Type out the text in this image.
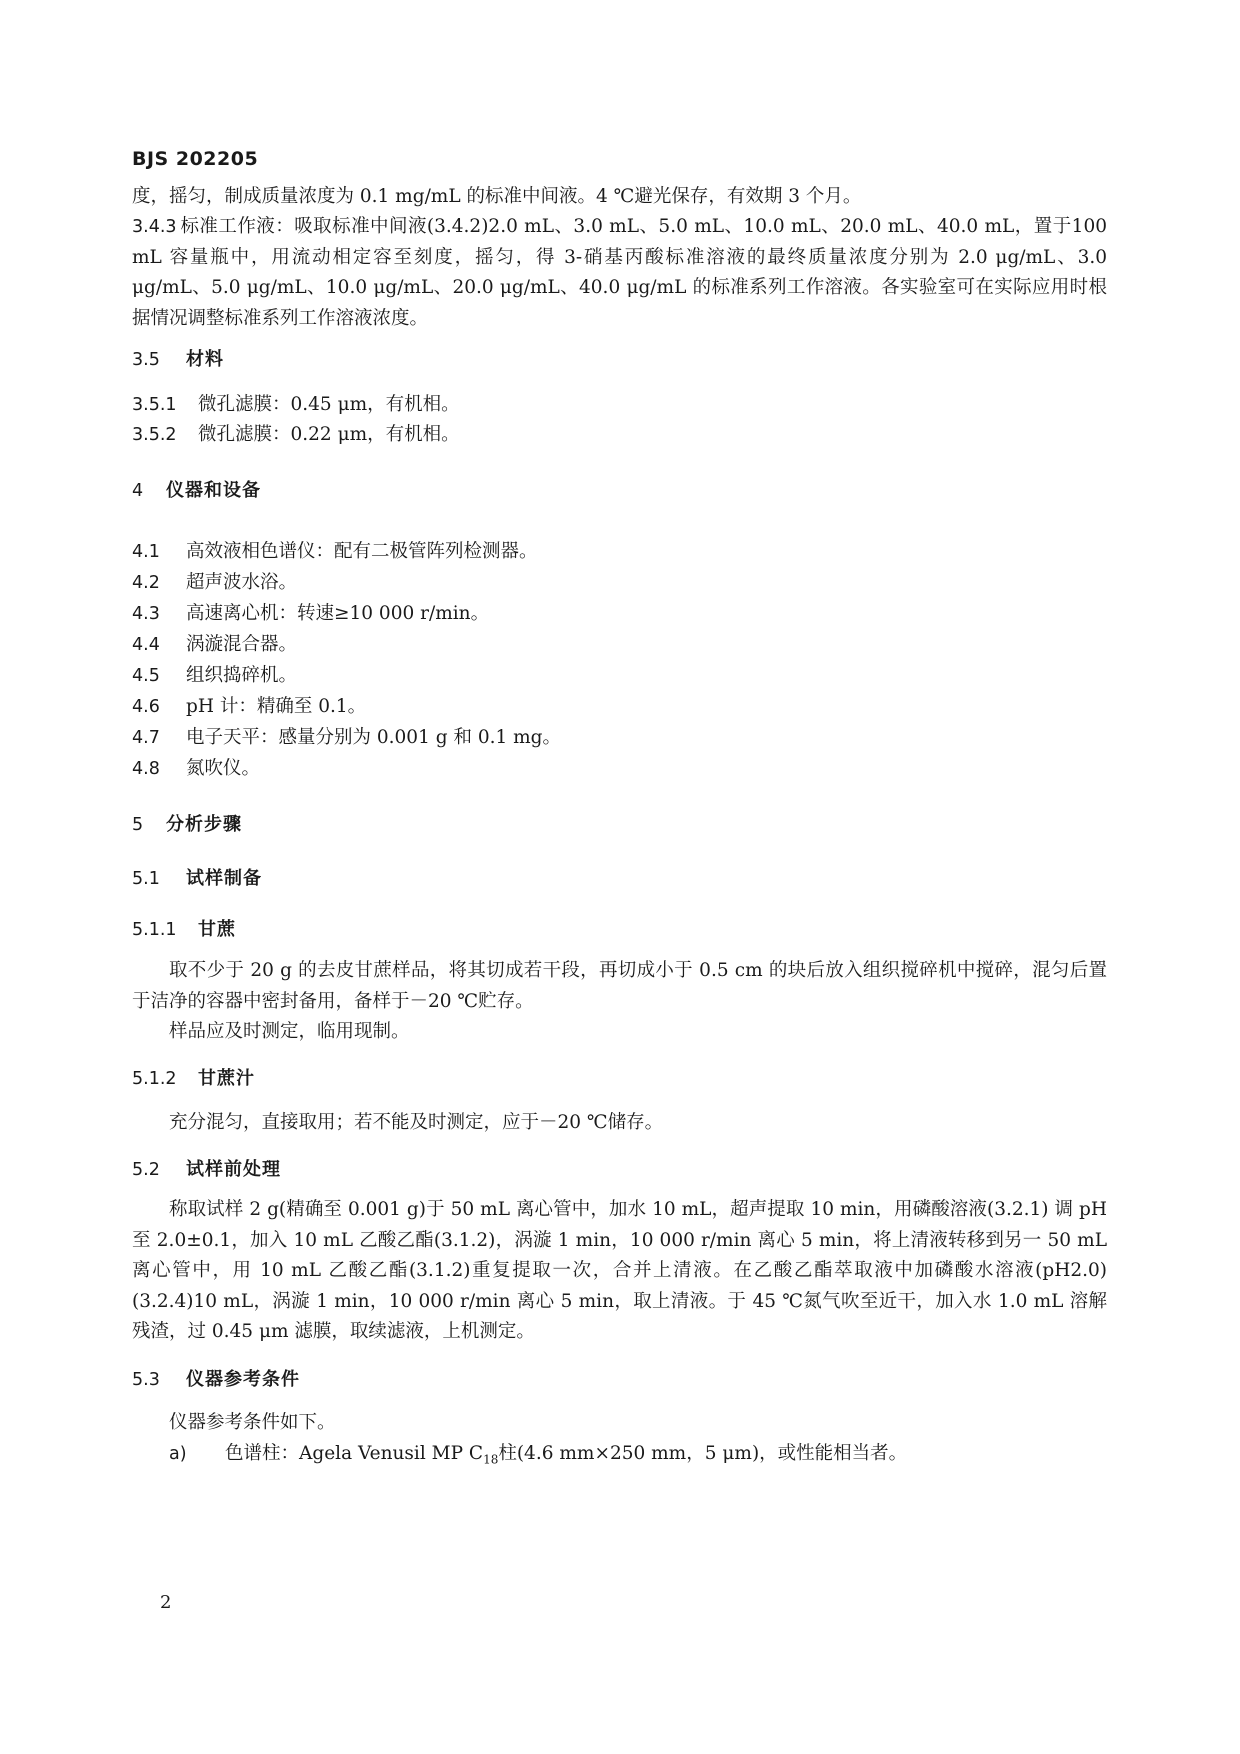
BJS 202205
度，摇匀，制成质量浓度为 0.1 mg/mL 的标准中间液。4 ℃避光保存，有效期 3 个月。
3.4.3 标准工作液：吸取标准中间液(3.4.2)2.0 mL、3.0 mL、5.0 mL、10.0 mL、20.0 mL、40.0 mL，置于100 mL 容量瓶中，用流动相定容至刻度，摇匀，得 3-硝基丙酸标准溶液的最终质量浓度分别为 2.0 μg/mL、3.0 μg/mL、5.0 μg/mL、10.0 μg/mL、20.0 μg/mL、40.0 μg/mL 的标准系列工作溶液。各实验室可在实际应用时根据情况调整标准系列工作溶液浓度。
3.5 材料
3.5.1 微孔滤膜：0.45 μm，有机相。
3.5.2 微孔滤膜：0.22 μm，有机相。
4 仪器和设备
4.1 高效液相色谱仪：配有二极管阵列检测器。
4.2 超声波水浴。
4.3 高速离心机：转速≥10 000 r/min。
4.4 涡漩混合器。
4.5 组织捣碎机。
4.6 pH 计：精确至 0.1。
4.7 电子天平：感量分别为 0.001 g 和 0.1 mg。
4.8 氮吹仪。
5 分析步骤
5.1 试样制备
5.1.1 甘蔗
取不少于 20 g 的去皮甘蔗样品，将其切成若干段，再切成小于 0.5 cm 的块后放入组织搅碎机中搅碎，混匀后置于洁净的容器中密封备用，备样于－20 ℃贮存。
样品应及时测定，临用现制。
5.1.2 甘蔗汁
充分混匀，直接取用；若不能及时测定，应于－20 ℃储存。
5.2 试样前处理
称取试样 2 g(精确至 0.001 g)于 50 mL 离心管中，加水 10 mL，超声提取 10 min，用磷酸溶液(3.2.1) 调 pH 至 2.0±0.1，加入 10 mL 乙酸乙酯(3.1.2)，涡漩 1 min，10 000 r/min 离心 5 min，将上清液转移到另一 50 mL 离心管中，用 10 mL 乙酸乙酯(3.1.2)重复提取一次，合并上清液。在乙酸乙酯萃取液中加磷酸水溶液(pH2.0)(3.2.4)10 mL，涡漩 1 min，10 000 r/min 离心 5 min，取上清液。于 45 ℃氮气吹至近干，加入水 1.0 mL 溶解残渣，过 0.45 μm 滤膜，取续滤液，上机测定。
5.3 仪器参考条件
仪器参考条件如下。
a) 色谱柱：Agela Venusil MP $C_{18}$柱(4.6 mm×250 mm，5 μm)，或性能相当者。
2
